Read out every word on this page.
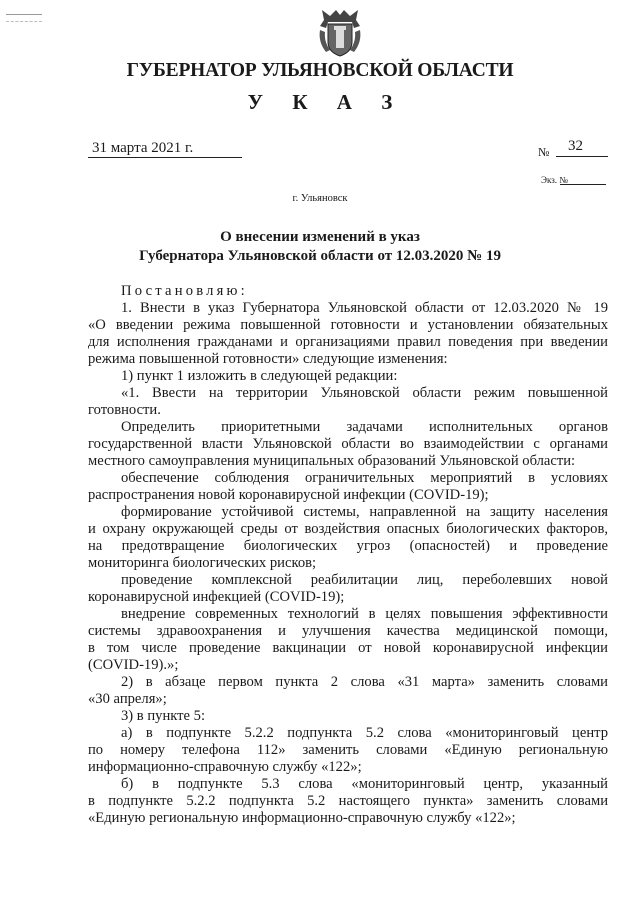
ГУБЕРНАТОР УЛЬЯНОВСКОЙ ОБЛАСТИ
У К А З
31 марта 2021 г.	№ 32
Экз. №
г. Ульяновск
О внесении изменений в указ
Губернатора Ульяновской области от 12.03.2020 № 19
Постановляю:
1. Внести в указ Губернатора Ульяновской области от 12.03.2020 № 19
«О введении режима повышенной готовности и установлении обязательных
для исполнения гражданами и организациями правил поведения при введении
режима повышенной готовности» следующие изменения:
1) пункт 1 изложить в следующей редакции:
«1. Ввести на территории Ульяновской области режим повышенной
готовности.
Определить приоритетными задачами исполнительных органов
государственной власти Ульяновской области во взаимодействии с органами
местного самоуправления муниципальных образований Ульяновской области:
обеспечение соблюдения ограничительных мероприятий в условиях
распространения новой коронавирусной инфекции (COVID-19);
формирование устойчивой системы, направленной на защиту населения
и охрану окружающей среды от воздействия опасных биологических факторов,
на предотвращение биологических угроз (опасностей) и проведение
мониторинга биологических рисков;
проведение комплексной реабилитации лиц, переболевших новой
коронавирусной инфекцией (COVID-19);
внедрение современных технологий в целях повышения эффективности
системы здравоохранения и улучшения качества медицинской помощи,
в том числе проведение вакцинации от новой коронавирусной инфекции
(COVID-19).»;
2) в абзаце первом пункта 2 слова «31 марта» заменить словами
«30 апреля»;
3) в пункте 5:
а) в подпункте 5.2.2 подпункта 5.2 слова «мониторинговый центр
по номеру телефона 112» заменить словами «Единую региональную
информационно-справочную службу «122»;
б) в подпункте 5.3 слова «мониторинговый центр, указанный
в подпункте 5.2.2 подпункта 5.2 настоящего пункта» заменить словами
«Единую региональную информационно-справочную службу «122»;
